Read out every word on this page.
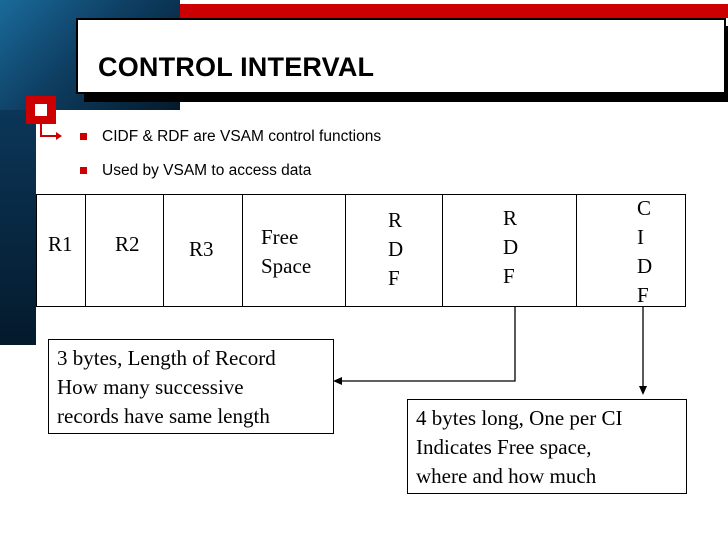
CONTROL INTERVAL
CIDF & RDF are VSAM control functions
Used by VSAM to access data
R1 R2 R3 Free
Space
R
D
F
R
D
F
C
I
D
F
3 bytes, Length of Record
How many successive
records have same length	4 bytes long, One per CI
Indicates Free space,
where and how much
